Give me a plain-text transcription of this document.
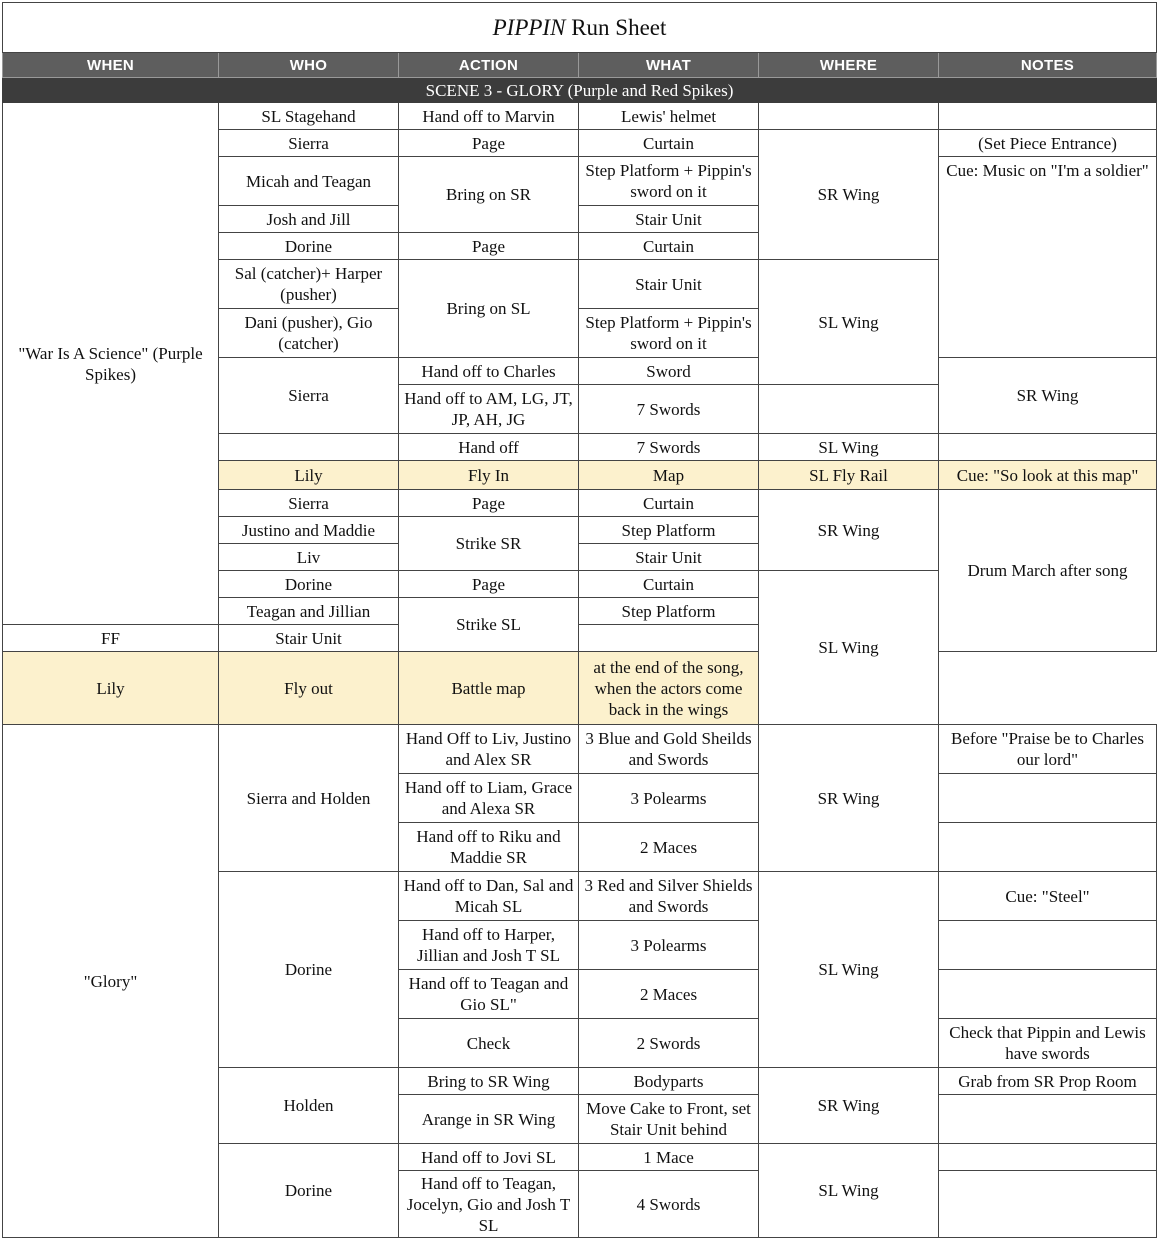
PIPPIN Run Sheet						
WHEN	WHO	ACTION	WHAT	WHERE	NOTES	
SCENE 3 - GLORY (Purple and Red Spikes)						
"War Is A Science" (Purple Spikes)	SL Stagehand	Hand off to Marvin	Lewis' helmet			
	Sierra	Page	Curtain	SR Wing	(Set Piece Entrance)	
	Micah and Teagan	Bring on SR	Step Platform + Pippin's sword on it		Cue: Music on "I'm a soldier"	
	Josh and Jill		Stair Unit			
	Dorine	Page	Curtain			
	Sal (catcher)+ Harper (pusher)	Bring on SL	Stair Unit	SL Wing		
	Dani (pusher), Gio (catcher)		Step Platform + Pippin's sword on it			
	Sierra	Hand off to Charles	Sword		SR Wing	
		Hand off to AM, LG, JT, JP, AH, JG	7 Swords			
		Hand off	7 Swords	SL Wing		
	Lily	Fly In	Map	SL Fly Rail	Cue: "So look at this map"	
	Sierra	Page	Curtain	SR Wing	Drum March after song	
	Justino and Maddie	Strike SR	Step Platform			
	Liv		Stair Unit			
	Dorine	Page	Curtain	SL Wing		
	Teagan and Jillian	Strike SL	Step Platform			
FF	Stair Unit					
Lily	Fly out	Battle map	at the end of the song, when the actors come back in the wings			
"Glory"	Sierra and Holden	Hand Off to Liv, Justino and Alex SR	3 Blue and Gold Sheilds and Swords	SR Wing	Before "Praise be to Charles our lord"	
		Hand off to Liam, Grace and Alexa SR	3 Polearms			
		Hand off to Riku and Maddie SR	2 Maces			
	Dorine	Hand off to Dan, Sal and Micah SL	3 Red and Silver Shields and Swords	SL Wing	Cue: "Steel"	
		Hand off to Harper, Jillian and Josh T SL	3 Polearms			
		Hand off to Teagan and Gio SL"	2 Maces			
		Check	2 Swords		Check that Pippin and Lewis have swords	
	Holden	Bring to SR Wing	Bodyparts	SR Wing	Grab from SR Prop Room	
		Arange in SR Wing	Move Cake to Front, set Stair Unit behind			
	Dorine	Hand off to Jovi SL	1 Mace	SL Wing		
		Hand off to Teagan, Jocelyn, Gio and Josh T SL	4 Swords			
